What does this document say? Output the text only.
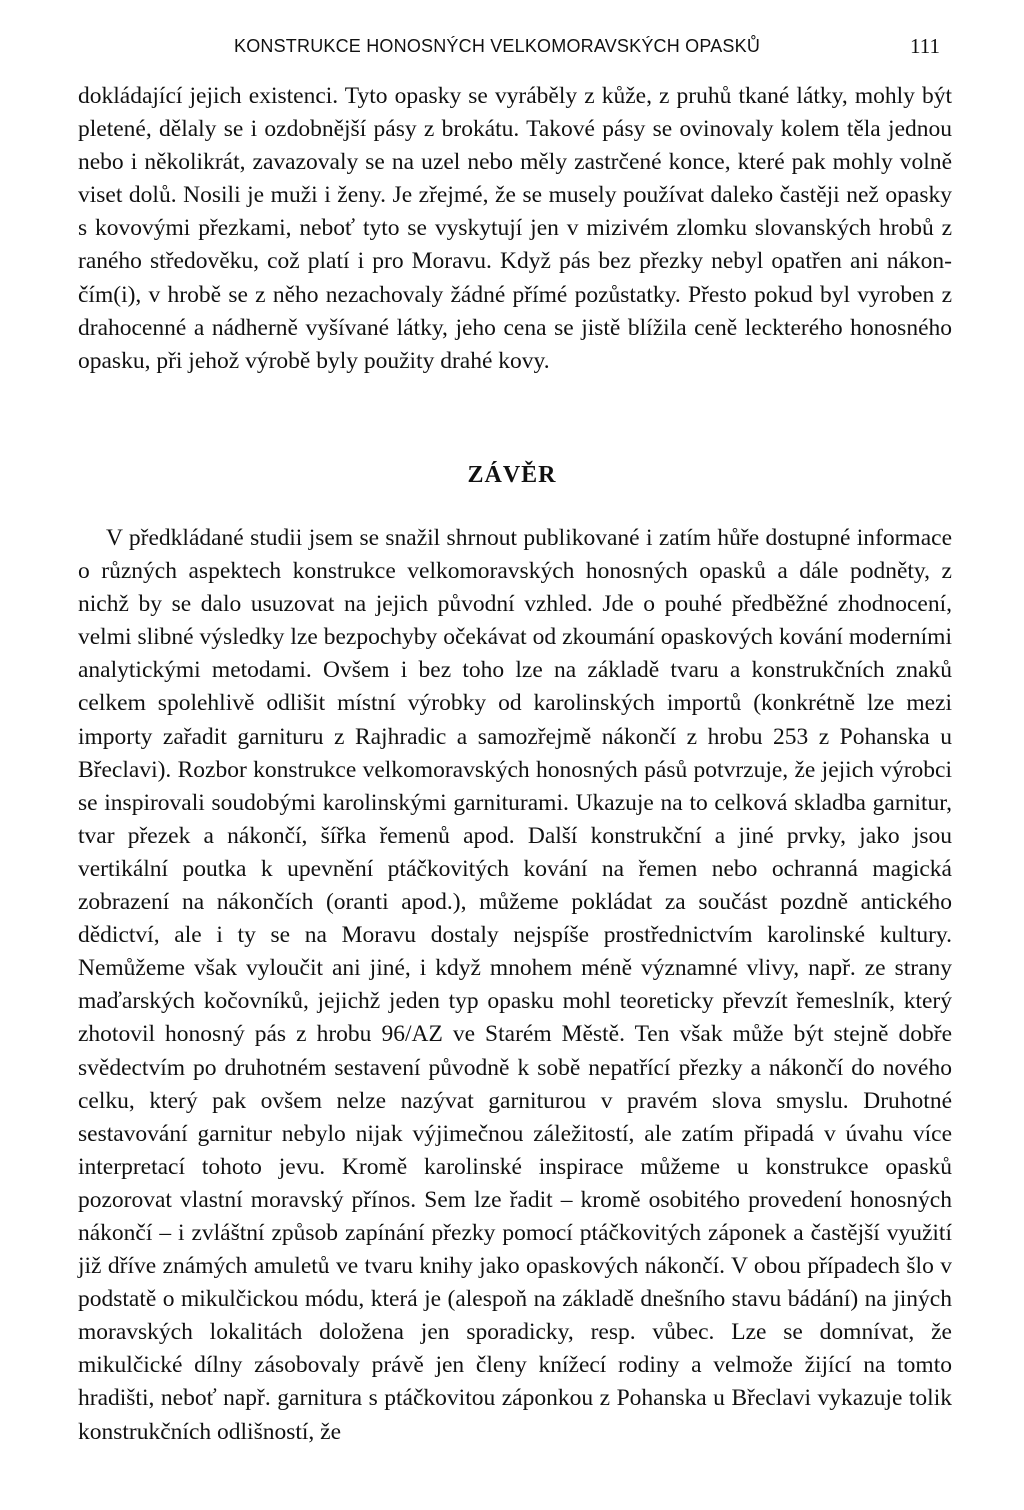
KONSTRUKCE HONOSNÝCH VELKOMORAVSKÝCH OPASKŮ	111

dokládající jejich existenci. Tyto opasky se vyráběly z kůže, z pruhů tkané látky, mohly být pletené, dělaly se i ozdobnější pásy z brokátu. Takové pásy se ovinovaly kolem těla jednou nebo i několikrát, zavazovaly se na uzel nebo měly zastrčené konce, které pak mohly volně viset dolů. Nosili je muži i ženy. Je zřejmé, že se musely používat daleko častěji než opasky s kovovými přezkami, neboť tyto se vyskytují jen v mizivém zlomku slovanských hrobů z raného středověku, což platí i pro Moravu. Když pás bez přezky nebyl opatřen ani nákončím(i), v hrobě se z něho nezachovaly žádné přímé pozůstatky. Přesto pokud byl vyroben z drahocenné a nádherně vyšívané látky, jeho cena se jistě blížila ceně leckterého honosného opasku, při jehož výrobě byly použity drahé kovy.

ZÁVĚR

V předkládané studii jsem se snažil shrnout publikované i zatím hůře dostupné informace o různých aspektech konstrukce velkomoravských honosných opasků a dále podněty, z nichž by se dalo usuzovat na jejich původní vzhled. Jde o pouhé předběžné zhodnocení, velmi slibné výsledky lze bezpochyby očekávat od zkoumání opaskových kování moderními analytickými metodami. Ovšem i bez toho lze na základě tvaru a konstrukčních znaků celkem spolehlivě odlišit místní výrobky od karolinských importů (konkrétně lze mezi importy zařadit garnituru z Rajhradic a samozřejmě nákončí z hrobu 253 z Pohanska u Břeclavi). Rozbor konstrukce velkomoravských honosných pásů potvrzuje, že jejich výrobci se inspirovali soudobými karolinskými garniturami. Ukazuje na to celková skladba garnitur, tvar přezek a nákončí, šířka řemenů apod. Další konstrukční a jiné prvky, jako jsou vertikální poutka k upevnění ptáčkovitých kování na řemen nebo ochranná magická zobrazení na nákončích (oranti apod.), můžeme pokládat za součást pozdně antického dědictví, ale i ty se na Moravu dostaly nejspíše prostřednictvím karolinské kultury. Nemůžeme však vyloučit ani jiné, i když mnohem méně významné vlivy, např. ze strany maďarských kočovníků, jejichž jeden typ opasku mohl teoreticky převzít řemeslník, který zhotovil honosný pás z hrobu 96/AZ ve Starém Městě. Ten však může být stejně dobře svědectvím po druhotném sestavení původně k sobě nepatřící přezky a nákončí do nového celku, který pak ovšem nelze nazývat garniturou v pravém slova smyslu. Druhotné sestavování garnitur nebylo nijak výjimečnou záležitostí, ale zatím připadá v úvahu více interpretací tohoto jevu. Kromě karolinské inspirace můžeme u konstrukce opasků pozorovat vlastní moravský přínos. Sem lze řadit – kromě osobitého provedení honosných nákončí – i zvláštní způsob zapínání přezky pomocí ptáčkovitých záponek a častější využití již dříve známých amuletů ve tvaru knihy jako opaskových nákončí. V obou případech šlo v podstatě o mikulčickou módu, která je (alespoň na základě dnešního stavu bádání) na jiných moravských lokalitách doložena jen sporadicky, resp. vůbec. Lze se domnívat, že mikulčické dílny zásobovaly právě jen členy knížecí rodiny a velmože žijící na tomto hradišti, neboť např. garnitura s ptáčkovitou záponkou z Pohanska u Břeclavi vykazuje tolik konstrukčních odlišností, že
